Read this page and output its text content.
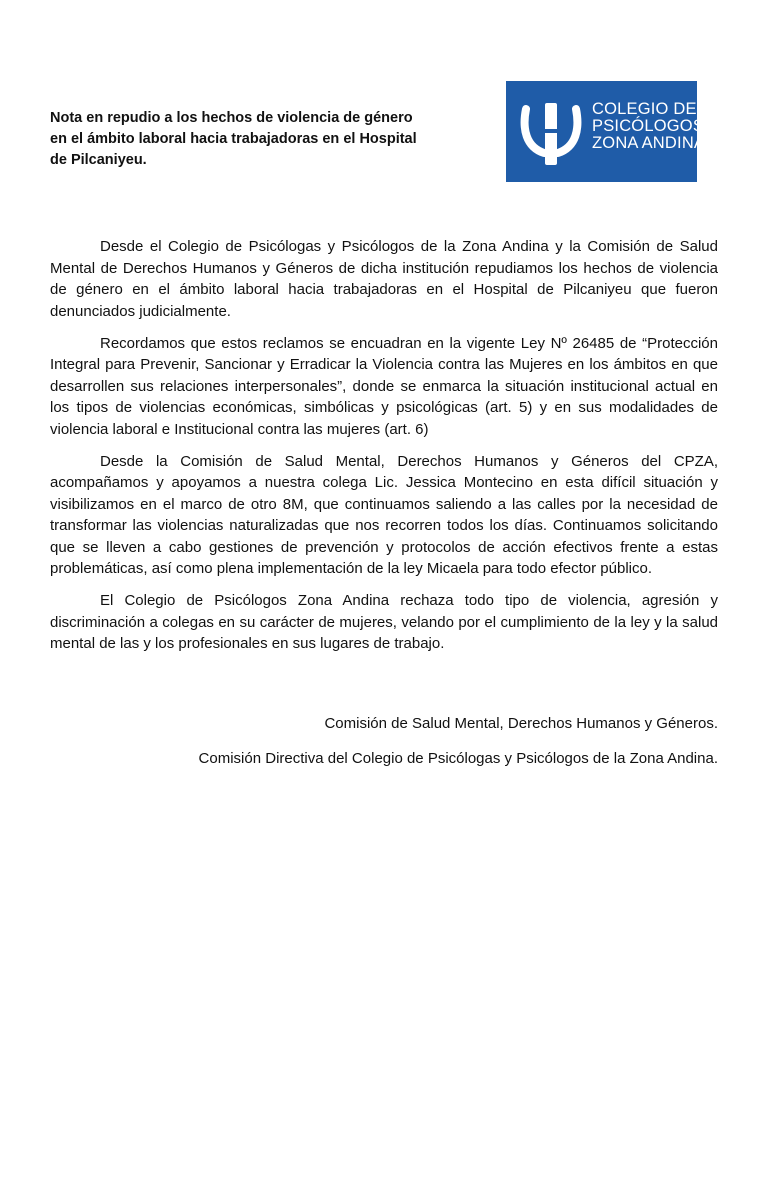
Nota en repudio a los hechos de violencia de género en el ámbito laboral hacia trabajadoras en el Hospital de Pilcaniyeu.
COLEGIO DE
PSICÓLOGOS
ZONA ANDINA

Desde el Colegio de Psicólogas y Psicólogos de la Zona Andina y la Comisión de Salud Mental de Derechos Humanos y Géneros de dicha institución repudiamos los hechos de violencia de género en el ámbito laboral hacia trabajadoras en el Hospital de Pilcaniyeu que fueron denunciados judicialmente.

Recordamos que estos reclamos se encuadran en la vigente Ley Nº 26485 de “Protección Integral para Prevenir, Sancionar y Erradicar la Violencia contra las Mujeres en los ámbitos en que desarrollen sus relaciones interpersonales”, donde se enmarca la situación institucional actual en los tipos de violencias económicas, simbólicas y psicológicas (art. 5) y en sus modalidades de violencia laboral e Institucional contra las mujeres (art. 6)

Desde la Comisión de Salud Mental, Derechos Humanos y Géneros del CPZA, acompañamos y apoyamos a nuestra colega Lic. Jessica Montecino en esta difícil situación y visibilizamos en el marco de otro 8M, que continuamos saliendo a las calles por la necesidad de transformar las violencias naturalizadas que nos recorren todos los días. Continuamos solicitando que se lleven a cabo gestiones de prevención y protocolos de acción efectivos frente a estas problemáticas, así como plena implementación de la ley Micaela para todo efector público.

El Colegio de Psicólogos Zona Andina rechaza todo tipo de violencia, agresión y discriminación a colegas en su carácter de mujeres, velando por el cumplimiento de la ley y la salud mental de las y los profesionales en sus lugares de trabajo.

Comisión de Salud Mental, Derechos Humanos y Géneros.
Comisión Directiva del Colegio de Psicólogas y Psicólogos de la Zona Andina.
